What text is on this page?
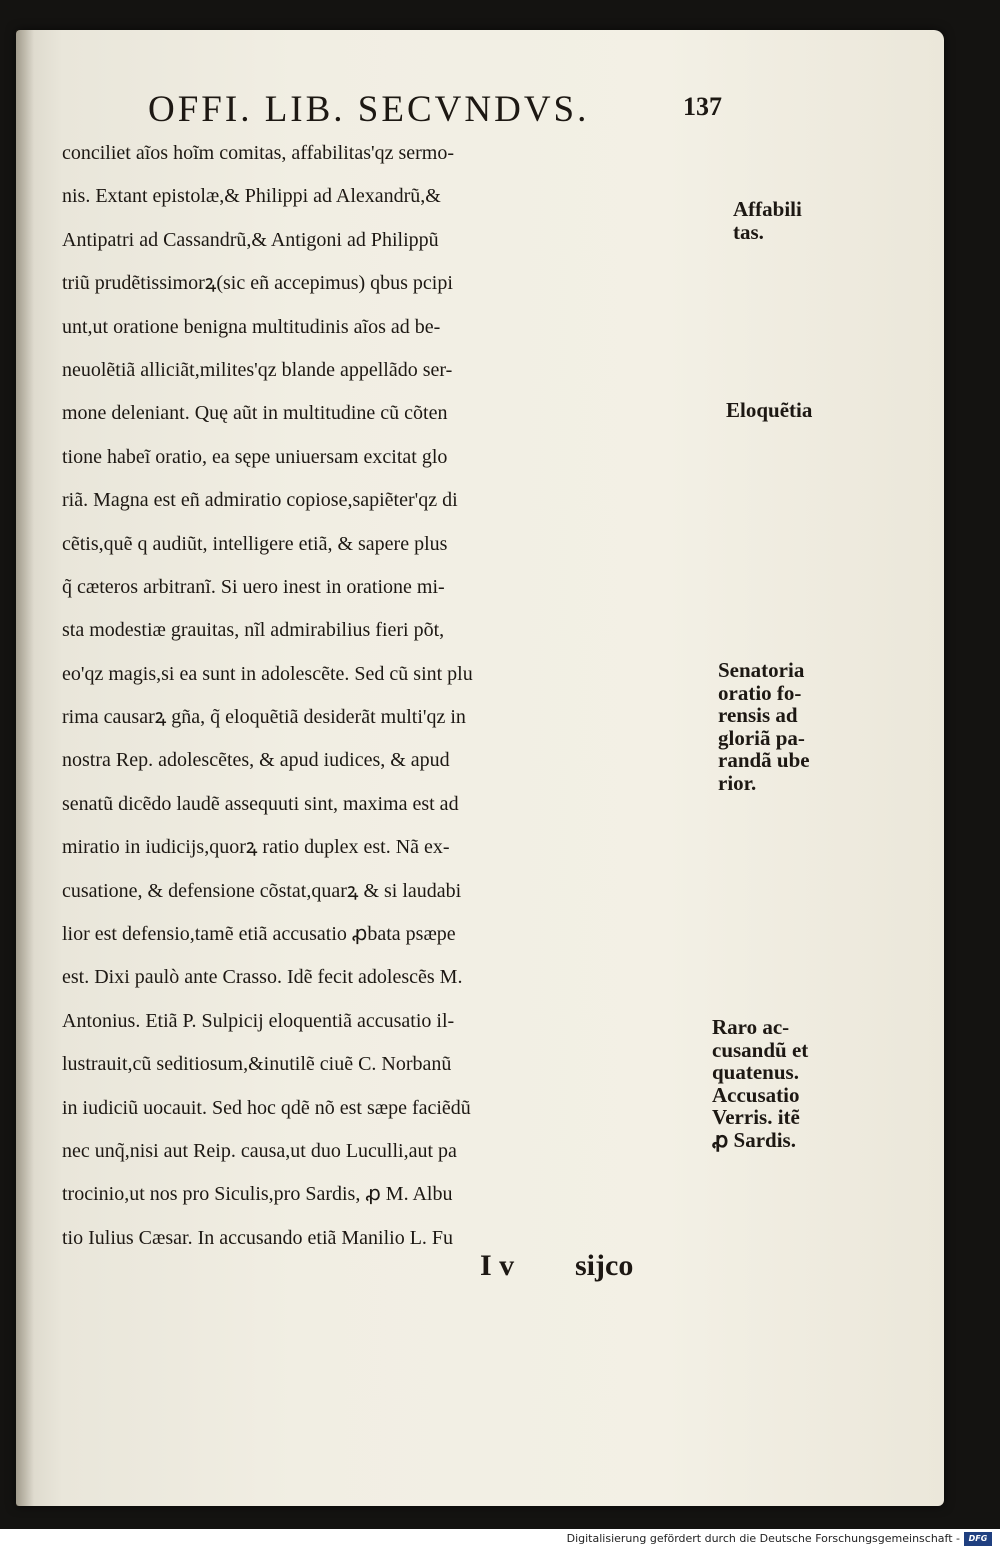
OFFI. LIB. SECVNDVS.	137
conciliet aĩos hoĩm comitas, affabilitas'qz sermo-
nis. Extant epistolæ,& Philippi ad Alexandrũ,&
Antipatri ad Cassandrũ,& Antigoni ad Philippũ
triũ prudẽtissimorꝝ(sic eñ accepimus) qbus pcipi
unt,ut oratione benigna multitudinis aĩos ad be-
neuolẽtiã alliciãt,milites'qz blande appellãdo ser-
mone deleniant. Quę aũt in multitudine cũ cõten
tione habeĩ oratio, ea sępe uniuersam excitat glo
riã. Magna est eñ admiratio copiose,sapiẽter'qz di
cẽtis,quẽ q audiũt, intelligere etiã, & sapere plus
q̃ cæteros arbitranĩ. Si uero inest in oratione mi-
sta modestiæ grauitas, nĩl admirabilius fieri põt,
eo'qz magis,si ea sunt in adolescẽte. Sed cũ sint plu
rima causarꝝ gña, q̃ eloquẽtiã desiderãt multi'qz in
nostra Rep. adolescẽtes, & apud iudices, & apud
senatũ dicẽdo laudẽ assequuti sint, maxima est ad
miratio in iudicijs,quorꝝ ratio duplex est. Nã ex-
cusatione, & defensione cõstat,quarꝝ & si laudabi
lior est defensio,tamẽ etiã accusatio ꝓbata psæpe
est. Dixi paulò ante Crasso. Idẽ fecit adolescẽs M.
Antonius. Etiã P. Sulpicij eloquentiã accusatio il-
lustrauit,cũ seditiosum,&inutilẽ ciuẽ C. Norbanũ
in iudiciũ uocauit. Sed hoc qdẽ nõ est sæpe faciẽdũ
nec unq̃,nisi aut Reip. causa,ut duo Luculli,aut pa
trocinio,ut nos pro Siculis,pro Sardis, ꝓ M. Albu
tio Iulius Cæsar. In accusando etiã Manilio L. Fu
Affabili
tas.
Eloquẽtia
Senatoria
oratio fo-
rensis ad
gloriã pa-
randã ube
rior.
Raro ac-
cusandũ et
quatenus.
Accusatio
Verris. itẽ
ꝓ Sardis.
I v sijco
Digitalisierung gefördert durch die Deutsche Forschungsgemeinschaft -	DFG
